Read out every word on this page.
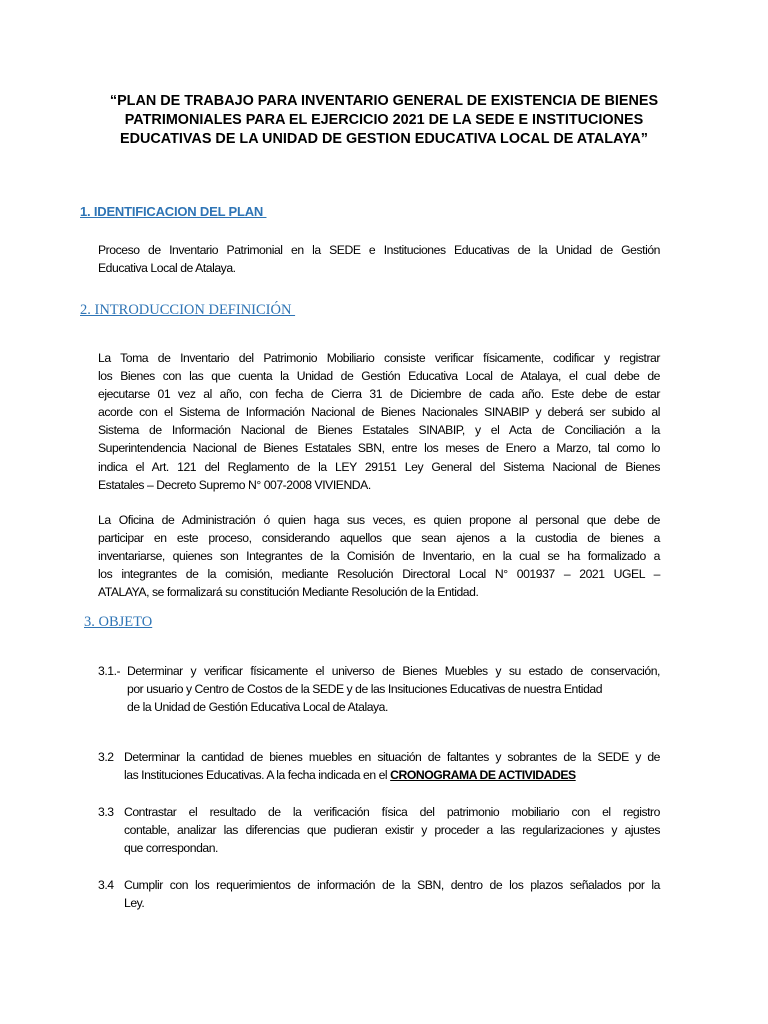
“PLAN DE TRABAJO PARA INVENTARIO GENERAL DE EXISTENCIA DE BIENES
PATRIMONIALES PARA EL EJERCICIO 2021 DE LA SEDE E INSTITUCIONES
EDUCATIVAS DE LA UNIDAD DE GESTION EDUCATIVA LOCAL DE ATALAYA”
1. IDENTIFICACION DEL PLAN
Proceso de Inventario Patrimonial en la SEDE e Instituciones Educativas de la Unidad de Gestión
Educativa Local de Atalaya.
2. INTRODUCCION DEFINICIÓN
La Toma de Inventario del Patrimonio Mobiliario consiste verificar físicamente, codificar y registrar
los Bienes con las que cuenta la Unidad de Gestión Educativa Local de Atalaya, el cual debe de
ejecutarse 01 vez al año, con fecha de Cierra 31 de Diciembre de cada año. Este debe de estar
acorde con el Sistema de Información Nacional de Bienes Nacionales SINABIP y deberá ser subido al
Sistema de Información Nacional de Bienes Estatales SINABIP, y el Acta de Conciliación a la
Superintendencia Nacional de Bienes Estatales SBN, entre los meses de Enero a Marzo, tal como lo
indica el Art. 121 del Reglamento de la LEY 29151 Ley General del Sistema Nacional de Bienes
Estatales – Decreto Supremo N° 007-2008 VIVIENDA.
La Oficina de Administración ó quien haga sus veces, es quien propone al personal que debe de
participar en este proceso, considerando aquellos que sean ajenos a la custodia de bienes a
inventariarse, quienes son Integrantes de la Comisión de Inventario, en la cual se ha formalizado a
los integrantes de la comisión, mediante Resolución Directoral Local N° 001937 – 2021 UGEL –
ATALAYA, se formalizará su constitución Mediante Resolución de la Entidad.
3. OBJETO
3.1.- Determinar y verificar físicamente el universo de Bienes Muebles y su estado de conservación,
por usuario y Centro de Costos de la SEDE y de las Insituciones Educativas de nuestra Entidad
de la Unidad de Gestión Educativa Local de Atalaya.
3.2 Determinar la cantidad de bienes muebles en situación de faltantes y sobrantes de la SEDE y de
las Instituciones Educativas. A la fecha indicada en el CRONOGRAMA DE ACTIVIDADES
3.3 Contrastar el resultado de la verificación física del patrimonio mobiliario con el registro
contable, analizar las diferencias que pudieran existir y proceder a las regularizaciones y ajustes
que correspondan.
3.4 Cumplir con los requerimientos de información de la SBN, dentro de los plazos señalados por la
Ley.
